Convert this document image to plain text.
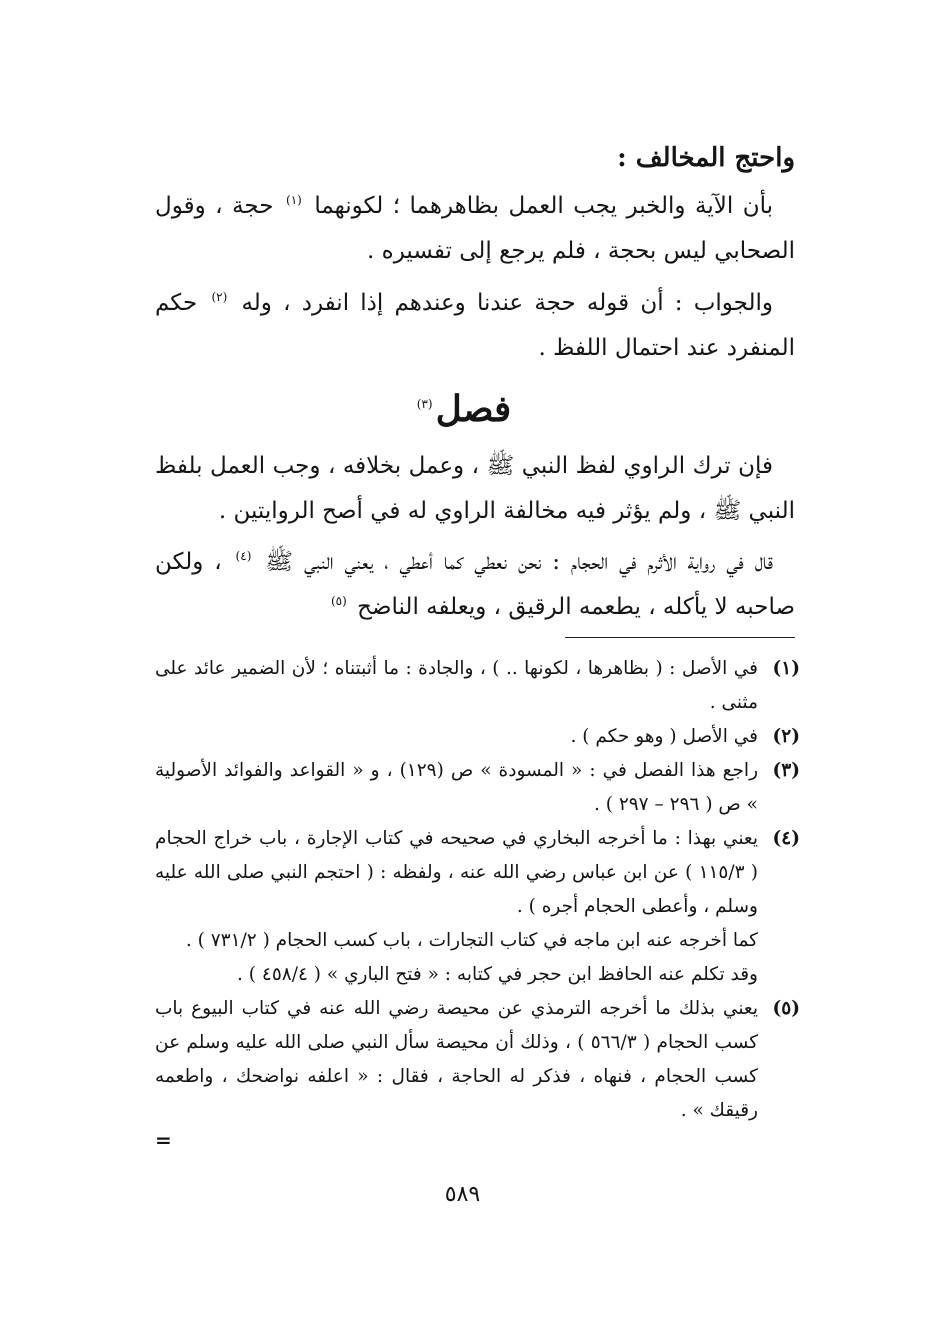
واحتج المخالف :
بأن الآية والخبر يجب العمل بظاهرهما ؛ لكونهما $^{(١)}$ حجة ، وقول الصحابي ليس بحجة ، فلم يرجع إلى تفسيره .
والجواب : أن قوله حجة عندنا وعندهم إذا انفرد ، وله $^{(٢)}$ حكم المنفرد عند احتمال اللفظ .
فصل$^{(٣)}$
فإن ترك الراوي لفظ النبي ﷺ ، وعمل بخلافه ، وجب العمل بلفظ النبي ﷺ ، ولم يؤثر فيه مخالفة الراوي له في أصح الروايتين .
قال في رواية الأثرم في الحجام : نحن نعطي كما أعطي ، يعني النبي ﷺ $^{(٤)}$ ، ولكن صاحبه لا يأكله ، يطعمه الرقيق ، ويعلفه الناضح $^{(٥)}$
(١)
في الأصل : ( بظاهرها ، لكونها .. ) ، والجادة : ما أثبتناه ؛ لأن الضمير عائد على مثنى .
(٢)
في الأصل ( وهو حكم ) .
(٣)
راجع هذا الفصل في : « المسودة » ص (١٢٩) ، و « القواعد والفوائد الأصولية » ص ( ٢٩٦ – ٢٩٧ ) .
(٤)
يعني بهذا : ما أخرجه البخاري في صحيحه في كتاب الإجارة ، باب خراج الحجام ( ١١٥/٣ ) عن ابن عباس رضي الله عنه ، ولفظه : ( احتجم النبي صلى الله عليه وسلم ، وأعطى الحجام أجره ) .
كما أخرجه عنه ابن ماجه في كتاب التجارات ، باب كسب الحجام ( ٧٣١/٢ ) .
وقد تكلم عنه الحافظ ابن حجر في كتابه : « فتح الباري » ( ٤٥٨/٤ ) .
(٥)
يعني بذلك ما أخرجه الترمذي عن محيصة رضي الله عنه في كتاب البيوع باب كسب الحجام ( ٥٦٦/٣ ) ، وذلك أن محيصة سأل النبي صلى الله عليه وسلم عن كسب الحجام ، فنهاه ، فذكر له الحاجة ، فقال : « اعلفه نواضحك ، واطعمه رقيقك » .
=
٥٨٩
